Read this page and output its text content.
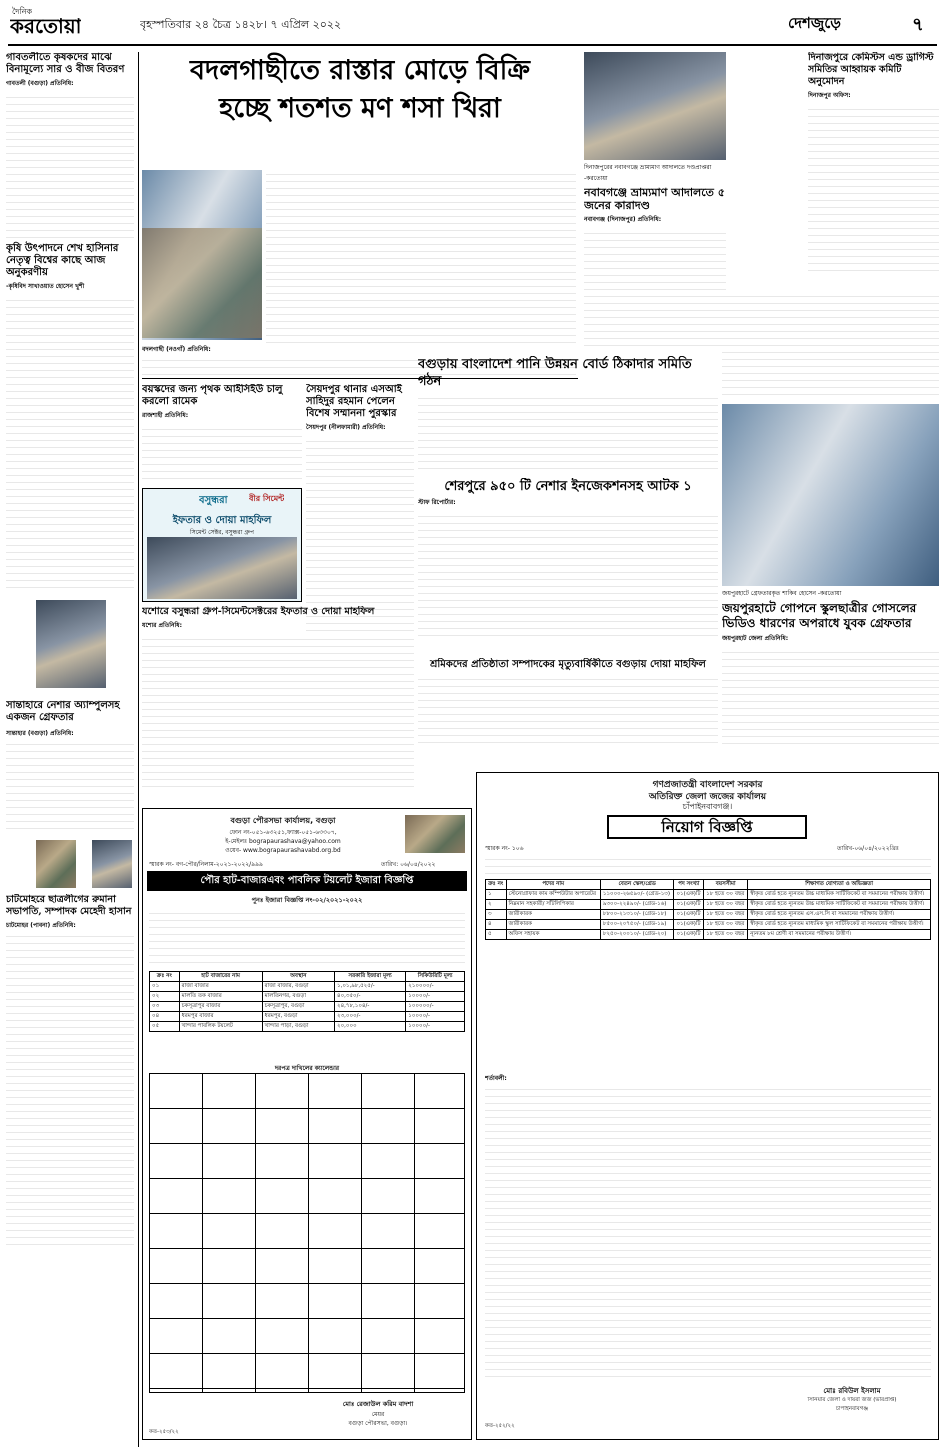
দৈনিক
করতোয়া	বৃহস্পতিবার ২৪ চৈত্র ১৪২৮। ৭ এপ্রিল ২০২২	দেশজুড়ে	৭
গাবতলীতে কৃষকদের মাঝে বিনামূল্যে সার ও বীজ বিতরণ
গাবতলী (বগুড়া) প্রতিনিধি:
কৃষি উৎপাদনে শেখ হাসিনার নেতৃত্ব বিশ্বের কাছে আজ অনুকরণীয়
-কৃষিবিদ সাখাওয়াত হোসেন খুশী
সান্তাহারে নেশার অ্যাম্পুলসহ একজন গ্রেফতার
সান্তাহার (বগুড়া) প্রতিনিধি:
চাটমোহরে ছাত্রলীগের রুমানা সভাপতি, সম্পাদক মেহেদী হাসান
চাটমোহর (পাবনা) প্রতিনিধি:
বদলগাছীতে রাস্তার মোড়ে বিক্রি
হচ্ছে শতশত মণ শসা খিরা
বদলগাছী (নওগাঁ) প্রতিনিধি:
দিনাজপুরের নবাবগঞ্জে ভ্রাম্যমাণ আদালতে দণ্ডপ্রাপ্তরা -করতোয়া
নবাবগঞ্জে ভ্রাম্যমাণ আদালতে ৫ জনের কারাদণ্ড
নবাবগঞ্জ (দিনাজপুর) প্রতিনিধি:
দিনাজপুরে কেমিস্টস এন্ড ড্রাগিস্ট সমিতির আহ্বায়ক কমিটি অনুমোদন
দিনাজপুর অফিস:
বয়স্কদের জন্য পৃথক আইসিইউ চালু করলো রামেক
রাজশাহী প্রতিনিধি:
সৈয়দপুর থানার এসআই সাহিদুর রহমান পেলেন বিশেষ সম্মাননা পুরস্কার
সৈয়দপুর (নীলফামারী) প্রতিনিধি:
বসুন্ধরা	বীর সিমেন্ট
ইফতার ও দোয়া মাহফিল
সিমেন্ট সেক্টর, বসুন্ধরা গ্রুপ
যশোরে বসুন্ধরা গ্রুপ-সিমেন্টসেক্টরের ইফতার ও দোয়া মাহফিল
যশোর প্রতিনিধি:
বগুড়ায় বাংলাদেশ পানি উন্নয়ন বোর্ড ঠিকাদার সমিতি গঠন
শেরপুরে ৯৫০ টি নেশার ইনজেকশনসহ আটক ১
স্টাফ রিপোর্টার:
শ্রমিকদের প্রতিষ্ঠাতা সম্পাদকের মৃত্যুবার্ষিকীতে বগুড়ায় দোয়া মাহফিল
জয়পুরহাটে গ্রেফতারকৃত শাকিব হোসেন -করতোয়া
জয়পুরহাটে গোপনে স্কুলছাত্রীর গোসলের ভিডিও ধারণের অপরাধে যুবক গ্রেফতার
জয়পুরহাট জেলা প্রতিনিধি:
বগুড়া পৌরসভা কার্যালয়, বগুড়া
ফোন নং-০৫১-৬৩২৫১,ফ্যাক্স-০৫১-৬৩৩০৭,
ই-মেইলঃ bograpaurashava@yahoo.com
ওয়েব- www.bograpaurashavabd.org.bd
স্মারক নং- বগ-পৌর/নিলাম-২০২১-২০২২/৯৯৯	তারিখ: ০৬/০৪/২০২২
পৌর হাট-বাজারএবং পাবলিক টয়লেট ইজারা বিজ্ঞপ্তি
পুনঃ ইজারা বিজ্ঞপ্তি নং-০২/২০২১-২০২২
ক্রঃ নং	হাট বাজারের নাম	অবস্থান	সরকারি ইজারা মূল্য	সিকিউরিটি মূল্য
০১	রাজা বাজার	রাজা বাজার, বগুড়া	১,০১,৯৮,৫২৫/-	২১০০০০/-
০২	মালতি তক বাজার	মালতিনগর, বগুড়া	৪০,৩৫০/-	১০০০০/-
০৩	চকসূত্রাপুর বাজার	চকসূত্রাপুর, বগুড়া	২৪,৭৮,১০৪/-	১০০০০০/-
০৪	ধরমপুর বাজার	ধরমপুর, বগুড়া	২৩,০০০/-	১০০০০/-
০৫	খান্দার পাবলিক টয়লেট	খান্দার পাড়া, বগুড়া	২০,০০০	১০০০০/-
দরপত্র দাখিলের ক্যালেন্ডার
মোঃ রেজাউল করিম বাদশা
মেয়র
বগুড়া পৌরসভা, বগুড়া।
কত-২৫৩/২২
গণপ্রজাতন্ত্রী বাংলাদেশ সরকার
অতিরিক্ত জেলা জজের কার্যালয়
চাঁপাইনবাবগঞ্জ।
নিয়োগ বিজ্ঞপ্তি
স্মারক নং- ১০৬	তারিখ-০৬/০৪/২০২২খ্রিঃ
ক্রঃ নং	পদের নাম	বেতন স্কেল/গ্রেড	পদ সংখ্যা	বয়সসীমা	শিক্ষাগত যোগ্যতা ও অভিজ্ঞতা
১	স্টেনোগ্রাফার কাম কম্পিউটার অপারেটর	১১০০০-২৬৫৯০/- (গ্রেড-১৩)	০১(এক)টি	১৮ হতে ৩০ বছর	স্বীকৃত বোর্ড হতে ন্যূনতম উচ্চ মাধ্যমিক সার্টিফিকেট বা সমমানের পরীক্ষায় উত্তীর্ণ।
২	নিম্নমান সহকারী/ সাঁটলিপিকার	৯৩০০-২২৪৯০/- (গ্রেড-১৬)	০১(এক)টি	১৮ হতে ৩০ বছর	স্বীকৃত বোর্ড হতে ন্যূনতম উচ্চ মাধ্যমিক সার্টিফিকেট বা সমমানের পরীক্ষায় উত্তীর্ণ।
৩	জারীকারক	৮৮০০-২১৩১০/- (গ্রেড-১৮)	০১(এক)টি	১৮ হতে ৩০ বছর	স্বীকৃত বোর্ড হতে ন্যূনতম এস.এস.সি বা সমমানের পরীক্ষায় উত্তীর্ণ।
৪	জারীকারক	৮৫০০-২০৭৫০/- (গ্রেড-১৯)	০১(এক)টি	১৮ হতে ৩০ বছর	স্বীকৃত বোর্ড হতে ন্যূনতম মাধ্যমিক স্কুল সার্টিফিকেট বা সমমানের পরীক্ষায় উত্তীর্ণ।
৫	অফিস সহায়ক	৮২৫০-২০০১০/- (গ্রেড-২০)	০১(এক)টি	১৮ হতে ৩০ বছর	ন্যূনতম ৮ম শ্রেণী বা সমমানের পরীক্ষায় উত্তীর্ণ।
শর্তাবলী:
মোঃ রবিউল ইসলাম
সিনিয়ার জেলা ও দায়রা জজ (ভারপ্রাপ্ত)
চাঁপাইনবাবগঞ্জ
কত-২৫২/২২
